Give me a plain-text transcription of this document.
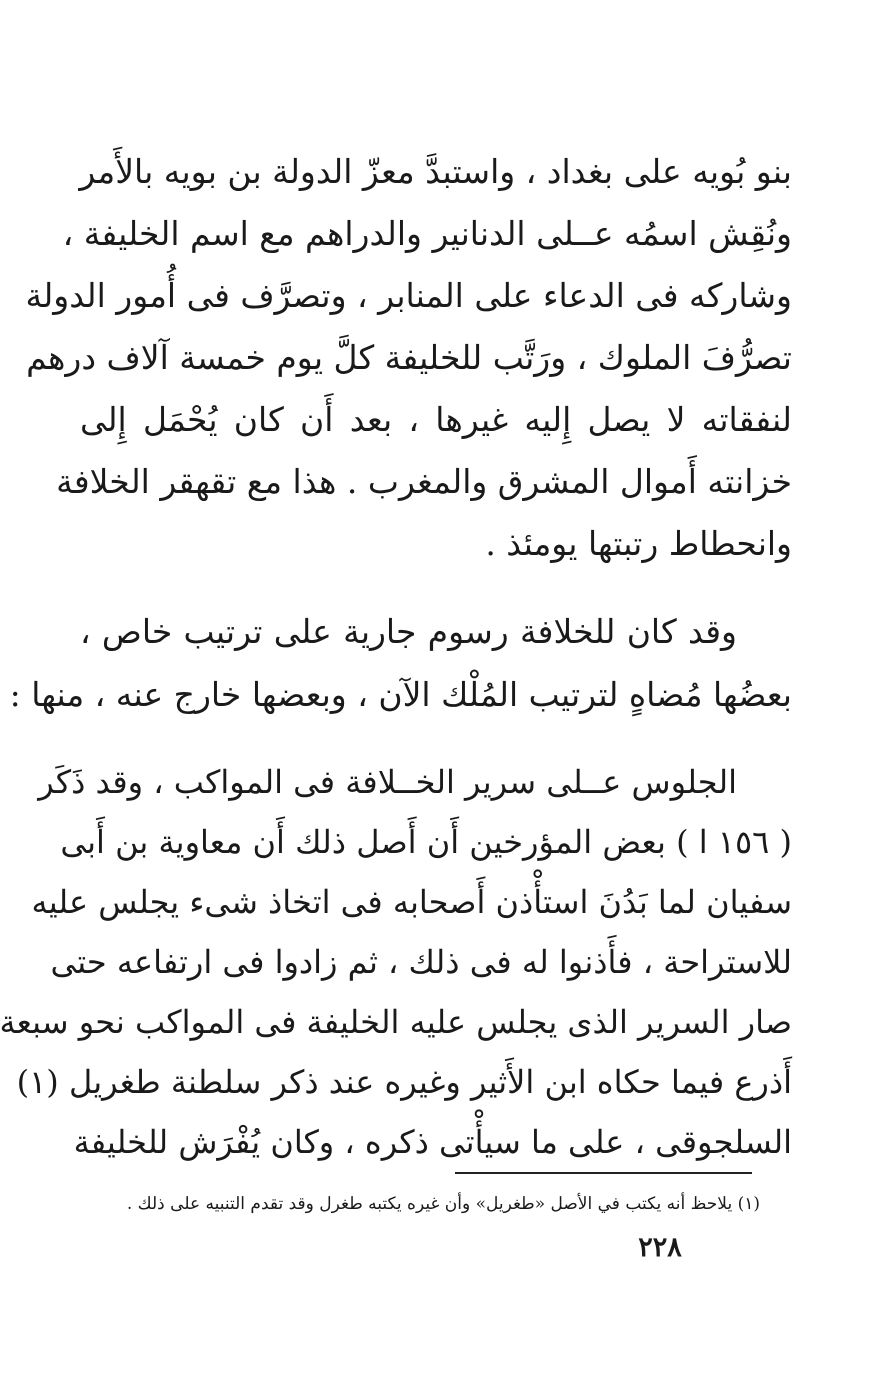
بنو بُويه على بغداد ، واستبدَّ معزّ الدولة بن بويه بالأَمر
ونُقِش اسمُه عــلى الدنانير والدراهم مع اسم الخليفة ،
وشاركه فى الدعاء على المنابر ، وتصرَّف فى أُمور الدولة
تصرُّفَ الملوك ، ورَتَّب للخليفة كلَّ يوم خمسة آلاف درهم
لنفقاته لا يصل إِليه غيرها ، بعد أَن كان يُحْمَل إِلى
خزانته أَموال المشرق والمغرب . هذا مع تقهقر الخلافة
وانحطاط رتبتها يومئذ .
وقد كان للخلافة رسوم جارية على ترتيب خاص ،
بعضُها مُضاهٍ لترتيب المُلْك الآن ، وبعضها خارج عنه ، منها :
الجلوس عــلى سرير الخــلافة فى المواكب ، وقد ذَكَر
( ١٥٦ ا ) بعض المؤرخين أَن أَصل ذلك أَن معاوية بن أَبى
سفيان لما بَدُنَ استأْذن أَصحابه فى اتخاذ شىء يجلس عليه
للاستراحة ، فأَذنوا له فى ذلك ، ثم زادوا فى ارتفاعه حتى
صار السرير الذى يجلس عليه الخليفة فى المواكب نحو سبعة
أَذرع فيما حكاه ابن الأَثير وغيره عند ذكر سلطنة طغريل (١)
السلجوقى ، على ما سيأْتى ذكره ، وكان يُفْرَش للخليفة
(١) يلاحظ أنه يكتب في الأصل «طغريل» وأن غيره يكتبه طغرل وقد تقدم التنبيه على ذلك .
٢٢٨
